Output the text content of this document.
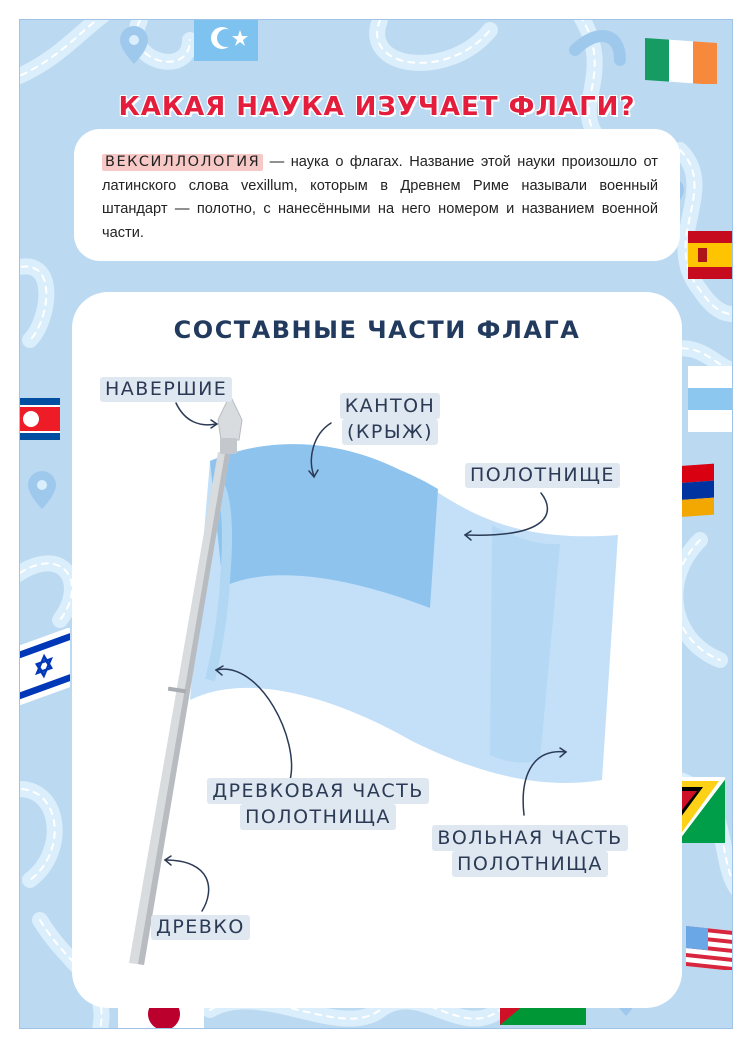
КАКАЯ НАУКА ИЗУЧАЕТ ФЛАГИ?

ВЕКСИЛЛОЛОГИЯ — наука о флагах. Название этой науки произошло от латинского слова vexillum, которым в Древнем Риме называли военный штандарт — полотно, с нанесёнными на него номером и названием военной части.

СОСТАВНЫЕ ЧАСТИ ФЛАГА
НАВЕРШИЕ
КАНТОН
(КРЫЖ)
ПОЛОТНИЩЕ
ДРЕВКОВАЯ ЧАСТЬ
ПОЛОТНИЩА
ВОЛЬНАЯ ЧАСТЬ
ПОЛОТНИЩА
ДРЕВКО
